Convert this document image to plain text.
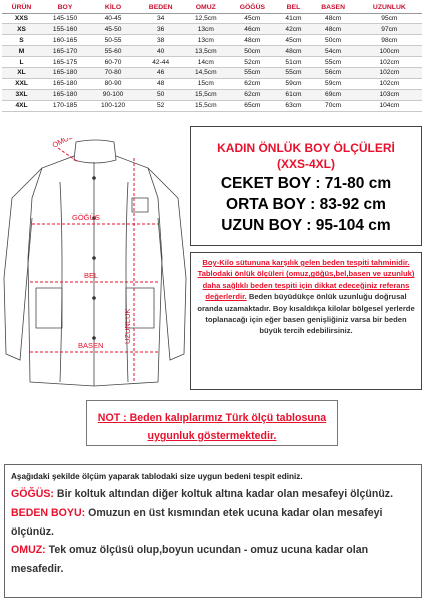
ÜRÜN	BOY	KİLO	BEDEN	OMUZ	GÖĞÜS	BEL	BASEN	UZUNLUK
XXS	145-150	40-45	34	12,5cm	45cm	41cm	48cm	95cm
XS	155-160	45-50	36	13cm	46cm	42cm	48cm	97cm
S	160-165	50-55	38	13cm	48cm	45cm	50cm	98cm
M	165-170	55-60	40	13,5cm	50cm	48cm	54cm	100cm
L	165-175	60-70	42-44	14cm	52cm	51cm	55cm	102cm
XL	165-180	70-80	46	14,5cm	55cm	55cm	56cm	102cm
XXL	165-180	80-90	48	15cm	62cm	59cm	59cm	102cm
3XL	165-180	90-100	50	15,5cm	62cm	61cm	69cm	103cm
4XL	170-185	100-120	52	15,5cm	65cm	63cm	70cm	104cm
OMUZ
GÖĞÜS
BEL
BASEN
UZUNLUK
KADIN ÖNLÜK BOY ÖLÇÜLERİ
(XXS-4XL)
CEKET BOY : 71-80 cm
ORTA BOY : 83-92 cm
UZUN BOY : 95-104 cm
Boy-Kilo sütununa karşılık gelen beden tespiti tahminidir. Tablodaki önlük ölçüleri (omuz,göğüs,bel,basen ve uzunluk) daha sağlıklı beden tespiti için dikkat edeceğiniz referans değerlerdir. Beden büyüdükçe önlük uzunluğu doğrusal oranda uzamaktadır. Boy kısaldıkça kilolar bölgesel yerlerde toplanacağı için eğer basen genişliğiniz varsa bir beden büyük tercih edebilirsiniz.
NOT : Beden kalıplarımız Türk ölçü tablosuna uygunluk göstermektedir.
Aşağıdaki şekilde ölçüm yaparak tablodaki size uygun bedeni tespit ediniz.
GÖĞÜS: Bir koltuk altından diğer koltuk altına kadar olan mesafeyi ölçünüz.
BEDEN BOYU: Omuzun en üst kısmından etek ucuna kadar olan mesafeyi ölçünüz.
OMUZ: Tek omuz ölçüsü olup,boyun ucundan - omuz ucuna kadar olan mesafedir.
